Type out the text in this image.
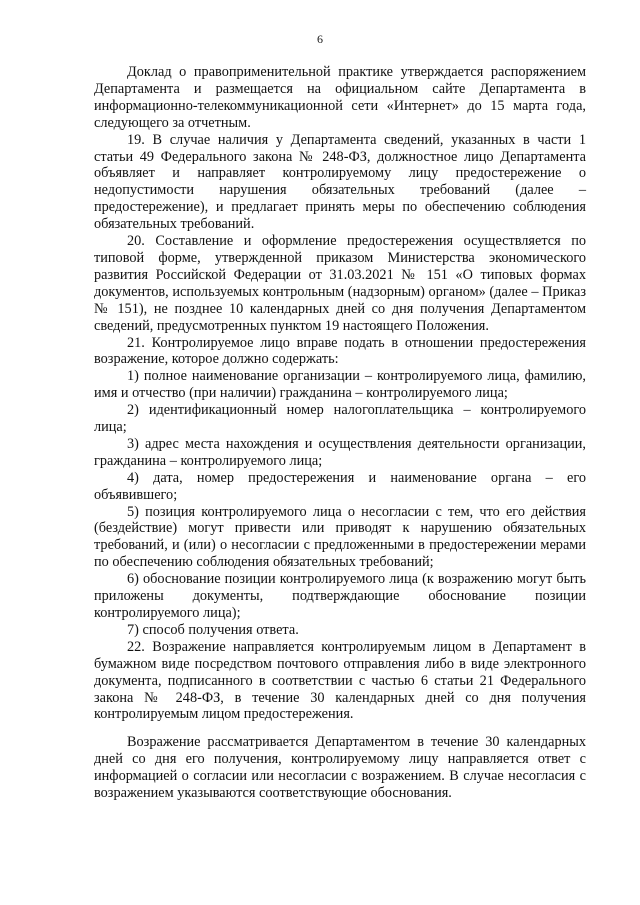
6

Доклад о правоприменительной практике утверждается распоряжением Департамента и размещается на официальном сайте Департамента в информационно-телекоммуникационной сети «Интернет» до 15 марта года, следующего за отчетным.

19. В случае наличия у Департамента сведений, указанных в части 1 статьи 49 Федерального закона № 248-ФЗ, должностное лицо Департамента объявляет и направляет контролируемому лицу предостережение о недопустимости нарушения обязательных требований (далее – предостережение), и предлагает принять меры по обеспечению соблюдения обязательных требований.

20. Составление и оформление предостережения осуществляется по типовой форме, утвержденной приказом Министерства экономического развития Российской Федерации от 31.03.2021 № 151 «О типовых формах документов, используемых контрольным (надзорным) органом» (далее – Приказ № 151), не позднее 10 календарных дней со дня получения Департаментом сведений, предусмотренных пунктом 19 настоящего Положения.

21. Контролируемое лицо вправе подать в отношении предостережения возражение, которое должно содержать:

1) полное наименование организации – контролируемого лица, фамилию, имя и отчество (при наличии) гражданина – контролируемого лица;

2) идентификационный номер налогоплательщика – контролируемого лица;

3) адрес места нахождения и осуществления деятельности организации, гражданина – контролируемого лица;

4) дата, номер предостережения и наименование органа – его объявившего;

5) позиция контролируемого лица о несогласии с тем, что его действия (бездействие) могут привести или приводят к нарушению обязательных требований, и (или) о несогласии с предложенными в предостережении мерами по обеспечению соблюдения обязательных требований;

6) обоснование позиции контролируемого лица (к возражению могут быть приложены документы, подтверждающие обоснование позиции контролируемого лица);

7) способ получения ответа.

22. Возражение направляется контролируемым лицом в Департамент в бумажном виде посредством почтового отправления либо в виде электронного документа, подписанного в соответствии с частью 6 статьи 21 Федерального закона № 248-ФЗ, в течение 30 календарных дней со дня получения контролируемым лицом предостережения.

Возражение рассматривается Департаментом в течение 30 календарных дней со дня его получения, контролируемому лицу направляется ответ с информацией о согласии или несогласии с возражением. В случае несогласия с возражением указываются соответствующие обоснования.
